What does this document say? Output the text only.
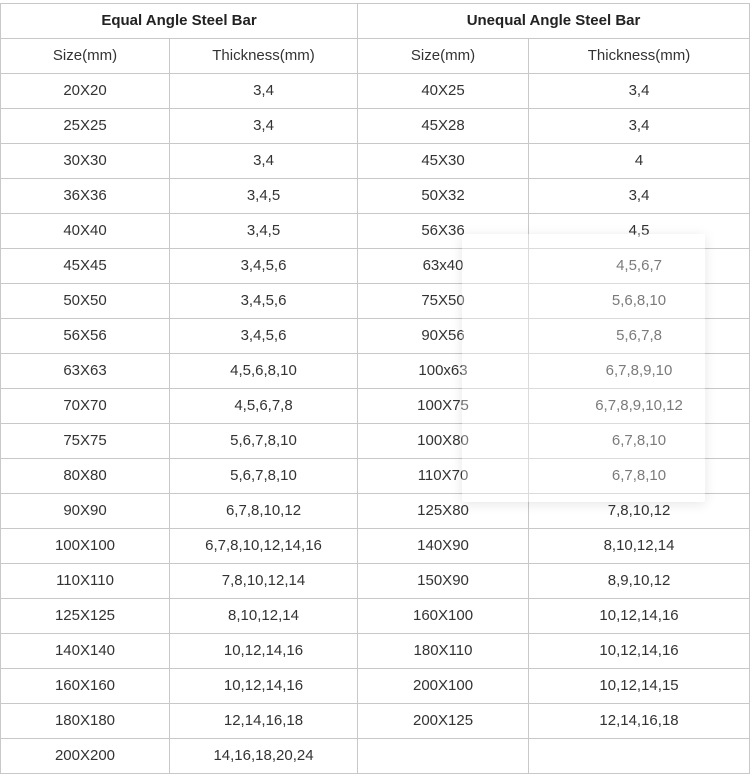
Equal Angle Steel Bar		Unequal Angle Steel Bar	
Size(mm)	Thickness(mm)	Size(mm)	Thickness(mm)
20X20	3,4	40X25	3,4
25X25	3,4	45X28	3,4
30X30	3,4	45X30	4
36X36	3,4,5	50X32	3,4
40X40	3,4,5	56X36	4,5
45X45	3,4,5,6	63x40	4,5,6,7
50X50	3,4,5,6	75X50	5,6,8,10
56X56	3,4,5,6	90X56	5,6,7,8
63X63	4,5,6,8,10	100x63	6,7,8,9,10
70X70	4,5,6,7,8	100X75	6,7,8,9,10,12
75X75	5,6,7,8,10	100X80	6,7,8,10
80X80	5,6,7,8,10	110X70	6,7,8,10
90X90	6,7,8,10,12	125X80	7,8,10,12
100X100	6,7,8,10,12,14,16	140X90	8,10,12,14
110X110	7,8,10,12,14	150X90	8,9,10,12
125X125	8,10,12,14	160X100	10,12,14,16
140X140	10,12,14,16	180X110	10,12,14,16
160X160	10,12,14,16	200X100	10,12,14,15
180X180	12,14,16,18	200X125	12,14,16,18
200X200	14,16,18,20,24		
